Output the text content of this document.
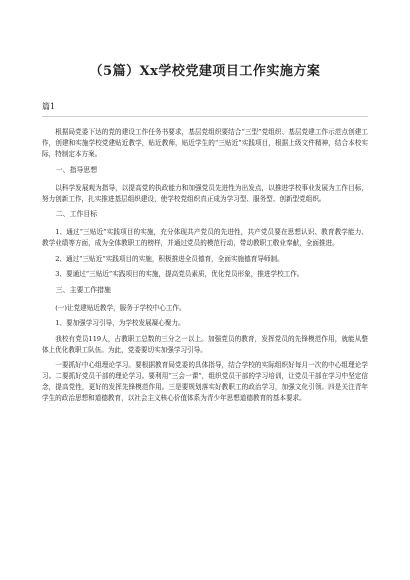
（5篇）Xx学校党建项目工作实施方案
篇1

根据局党委下达的党的建设工作任务书要求，基层党组织要结合“三型”党组织、基层党建工作示范点创建工作，创建和实施学校党建贴近教学，贴近教师，贴近学生的“三贴近”实践项目，根据上级文件精神，结合本校实际，特制定本方案。

一、指导思想

以科学发展观为指导，以提高党的执政能力和加强党员先进性为出发点，以推进学校事业发展为工作目标，努力创新工作，扎实推进基层组织建设，使学校党组织真正成为学习型、服务型、创新型党组织。

二、工作目标

1、通过“三贴近”实践项目的实施，充分体现共产党员的先进性，共产党员要在思想认识、教育教学能力、教学业绩等方面，成为全体教职工的榜样，并通过党员的模范行动，带动教职工敬业奉献，全面推进。

2、通过“三贴近”实践项目的实施，积极推进全员德育，全面实施德育导师制。

3、要通过“三贴近”实践项目的实施，提高党员素质，优化党员形象，推进学校工作。

三、主要工作措施

(一)让党建贴近教学，服务于学校中心工作。

1、要加强学习引导，为学校发展凝心聚力。

我校有党员119人，占教职工总数的三分之一以上。加强党员的教育，发挥党员的先锋模范作用，就能从整体上优化教职工队伍。为此，党委要切实加强学习引导。

一要抓好中心组理论学习。要根据教育局党委的具体指导，结合学校的实际组织好每月一次的中心组理论学习。二要抓好党员干部的理论学习。要利用“三会一课”，组织党员干部的学习培训，让党员干部在学习中坚定信念，提高党性，更好的发挥先锋模范作用。三是要规划落实好教职工的政治学习，加强文化引领。四是关注青年学生的政治思想和道德教育，以社会主义核心价值体系为青少年思想道德教育的基本要求。
